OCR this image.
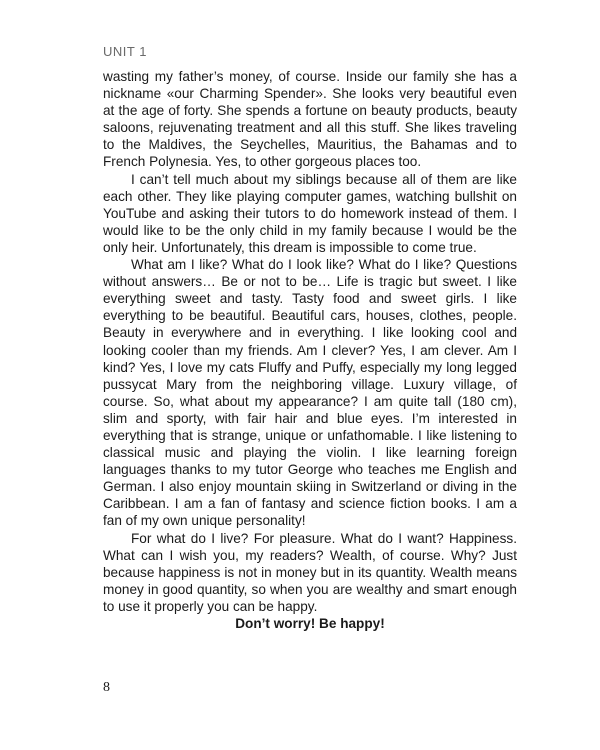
UNIT 1

wasting my father’s money, of course. Inside our family she has a nickname «our Charming Spender». She looks very beautiful even at the age of forty. She spends a fortune on beauty products, beauty saloons, rejuvenating treatment and all this stuff. She likes traveling to the Maldives, the Seychelles, Mauritius, the Bahamas and to French Polynesia. Yes, to other gorgeous places too.

I can’t tell much about my siblings because all of them are like each other. They like playing computer games, watching bullshit on YouTube and asking their tutors to do homework instead of them. I would like to be the only child in my family because I would be the only heir. Unfortunately, this dream is impossible to come true.

What am I like? What do I look like? What do I like? Questions without answers… Be or not to be… Life is tragic but sweet. I like everything sweet and tasty. Tasty food and sweet girls. I like everything to be beautiful. Beautiful cars, houses, clothes, people. Beauty in everywhere and in everything. I like looking cool and looking cooler than my friends. Am I clever? Yes, I am clever. Am I kind? Yes, I love my cats Fluffy and Puffy, especially my long legged pussycat Mary from the neighboring village. Luxury village, of course. So, what about my appearance? I am quite tall (180 cm), slim and sporty, with fair hair and blue eyes. I’m interested in everything that is strange, unique or unfathomable. I like listening to classical music and playing the violin. I like learning foreign languages thanks to my tutor George who teaches me English and German. I also enjoy mountain skiing in Switzerland or diving in the Caribbean. I am a fan of fantasy and science fiction books. I am a fan of my own unique personality!

For what do I live? For pleasure. What do I want? Happiness. What can I wish you, my readers? Wealth, of course. Why? Just because happiness is not in money but in its quantity. Wealth means money in good quantity, so when you are wealthy and smart enough to use it properly you can be happy.

Don’t worry! Be happy!

8
